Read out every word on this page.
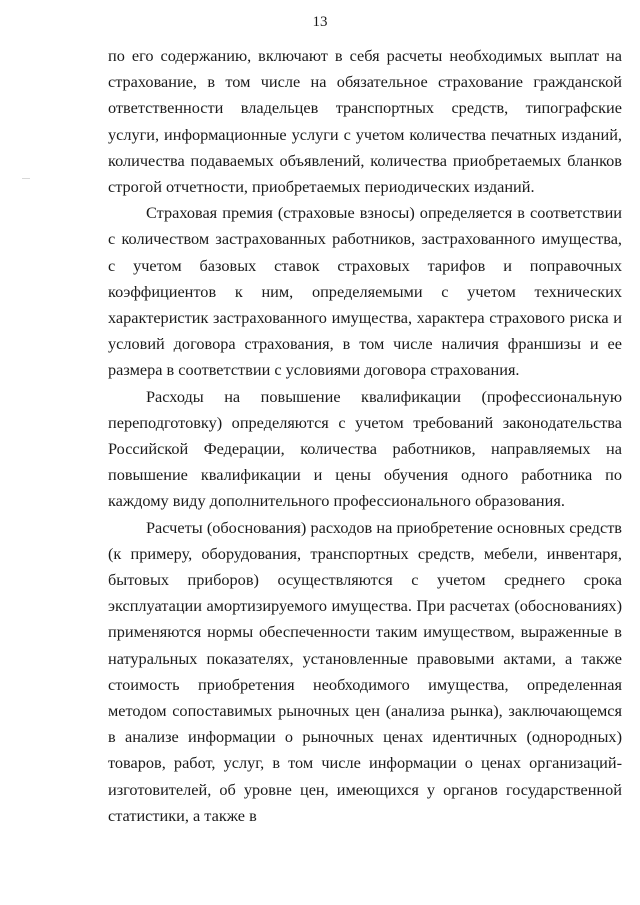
13

по его содержанию, включают в себя расчеты необходимых выплат на страхование, в том числе на обязательное страхование гражданской ответственности владельцев транспортных средств, типографские услуги, информационные услуги с учетом количества печатных изданий, количества подаваемых объявлений, количества приобретаемых бланков строгой отчетности, приобретаемых периодических изданий.

Страховая премия (страховые взносы) определяется в соответствии с количеством застрахованных работников, застрахованного имущества, с учетом базовых ставок страховых тарифов и поправочных коэффициентов к ним, определяемыми с учетом технических характеристик застрахованного имущества, характера страхового риска и условий договора страхования, в том числе наличия франшизы и ее размера в соответствии с условиями договора страхования.

Расходы на повышение квалификации (профессиональную переподготовку) определяются с учетом требований законодательства Российской Федерации, количества работников, направляемых на повышение квалификации и цены обучения одного работника по каждому виду дополнительного профессионального образования.

Расчеты (обоснования) расходов на приобретение основных средств (к примеру, оборудования, транспортных средств, мебели, инвентаря, бытовых приборов) осуществляются с учетом среднего срока эксплуатации амортизируемого имущества. При расчетах (обоснованиях) применяются нормы обеспеченности таким имуществом, выраженные в натуральных показателях, установленные правовыми актами, а также стоимость приобретения необходимого имущества, определенная методом сопоставимых рыночных цен (анализа рынка), заключающемся в анализе информации о рыночных ценах идентичных (однородных) товаров, работ, услуг, в том числе информации о ценах организаций-изготовителей, об уровне цен, имеющихся у органов государственной статистики, а также в
